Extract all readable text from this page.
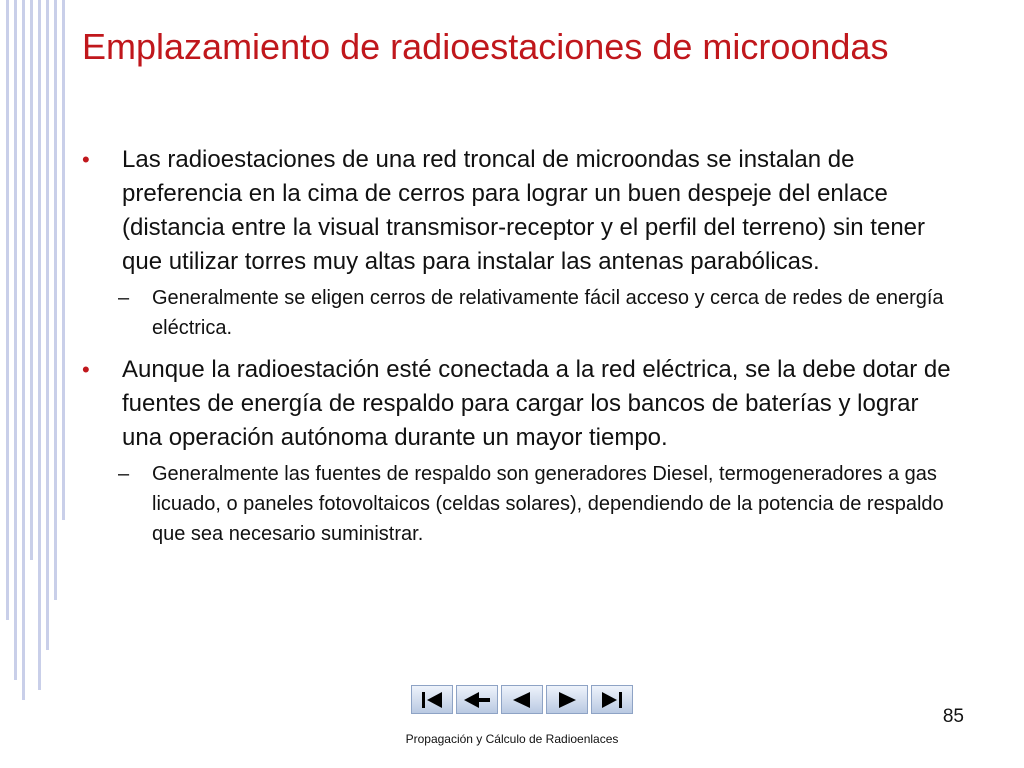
Emplazamiento de radioestaciones de microondas

•	Las radioestaciones de una red troncal de microondas se instalan de preferencia en la cima de cerros para lograr un buen despeje del enlace (distancia entre la visual transmisor-receptor y el perfil del terreno) sin tener que utilizar torres muy altas para instalar las antenas parabólicas.

–	Generalmente se eligen cerros de relativamente fácil acceso y cerca de redes de energía eléctrica.

•	Aunque la radioestación esté conectada a la red eléctrica, se la debe dotar de fuentes de energía de respaldo para cargar los bancos de baterías y lograr una operación autónoma durante un mayor tiempo.

–	Generalmente las fuentes de respaldo son generadores Diesel, termogeneradores a gas licuado, o paneles fotovoltaicos (celdas solares), dependiendo de la potencia de respaldo que sea necesario suministrar.

85
Propagación y Cálculo de Radioenlaces
